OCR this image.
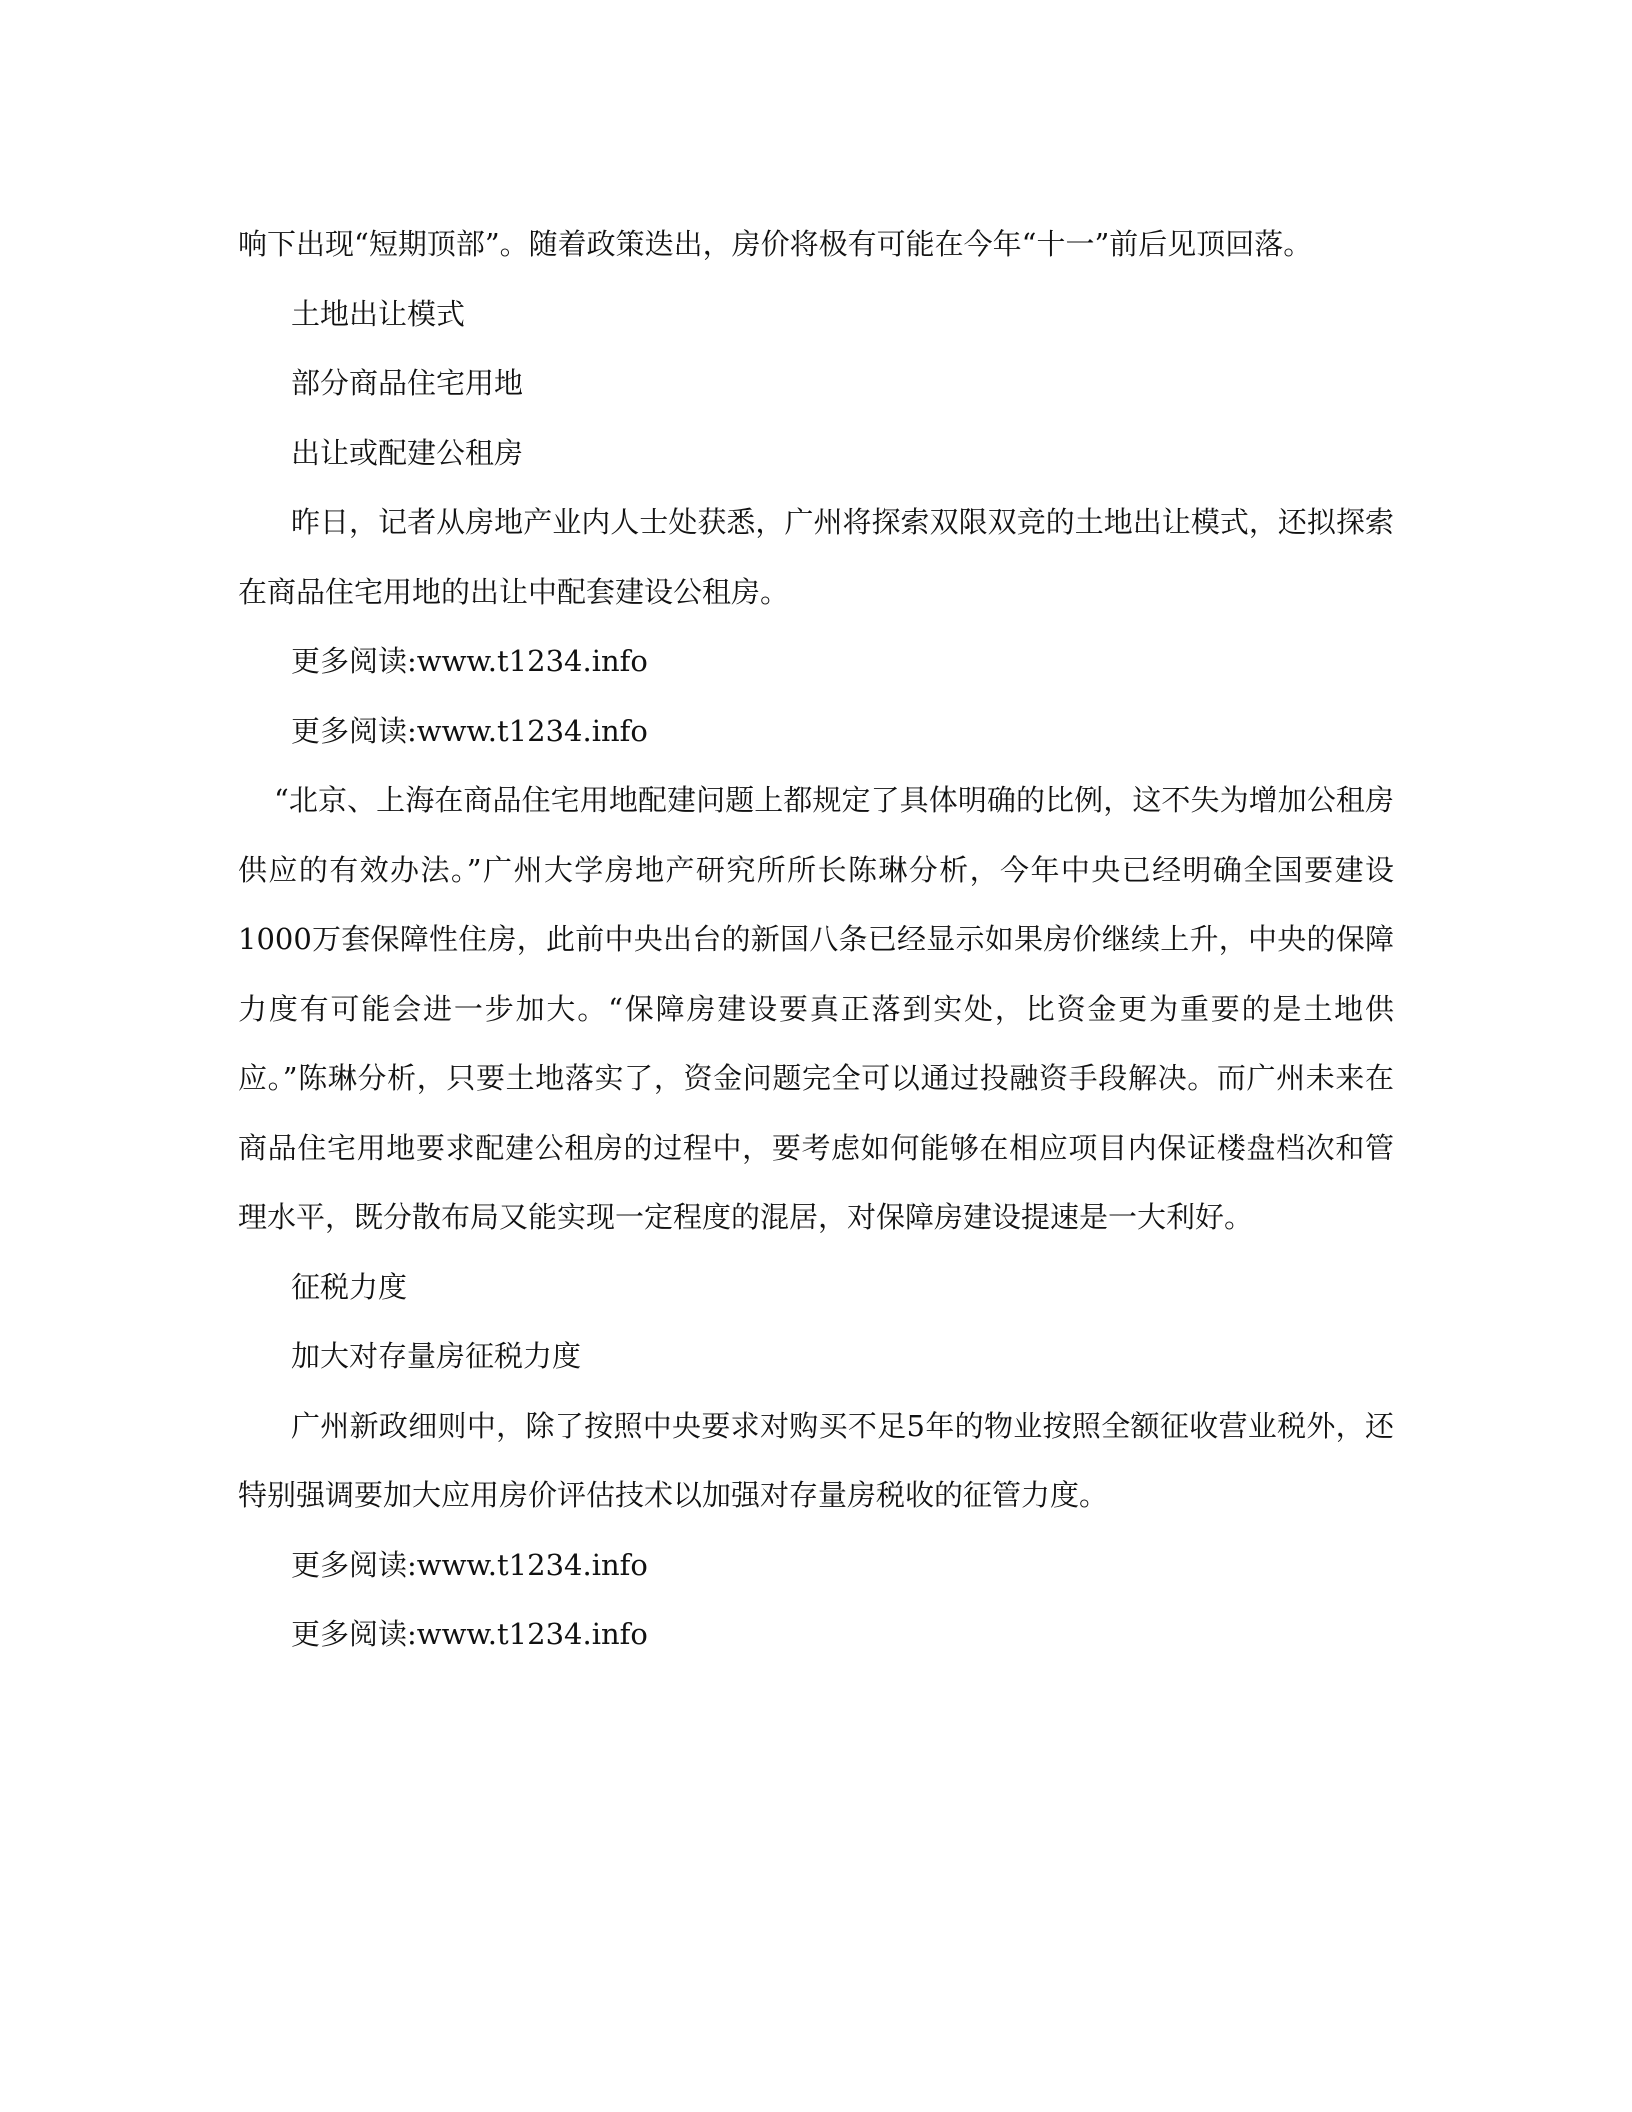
响下出现“短期顶部”。随着政策迭出，房价将极有可能在今年“十一”前后见顶回落。

土地出让模式

部分商品住宅用地

出让或配建公租房

昨日，记者从房地产业内人士处获悉，广州将探索双限双竞的土地出让模式，还拟探索在商品住宅用地的出让中配套建设公租房。

更多阅读:www.t1234.info

更多阅读:www.t1234.info

“北京、上海在商品住宅用地配建问题上都规定了具体明确的比例，这不失为增加公租房供应的有效办法。”广州大学房地产研究所所长陈琳分析，今年中央已经明确全国要建设1000万套保障性住房，此前中央出台的新国八条已经显示如果房价继续上升，中央的保障力度有可能会进一步加大。“保障房建设要真正落到实处，比资金更为重要的是土地供应。”陈琳分析，只要土地落实了，资金问题完全可以通过投融资手段解决。而广州未来在商品住宅用地要求配建公租房的过程中，要考虑如何能够在相应项目内保证楼盘档次和管理水平，既分散布局又能实现一定程度的混居，对保障房建设提速是一大利好。

征税力度

加大对存量房征税力度

广州新政细则中，除了按照中央要求对购买不足5年的物业按照全额征收营业税外，还特别强调要加大应用房价评估技术以加强对存量房税收的征管力度。

更多阅读:www.t1234.info

更多阅读:www.t1234.info
